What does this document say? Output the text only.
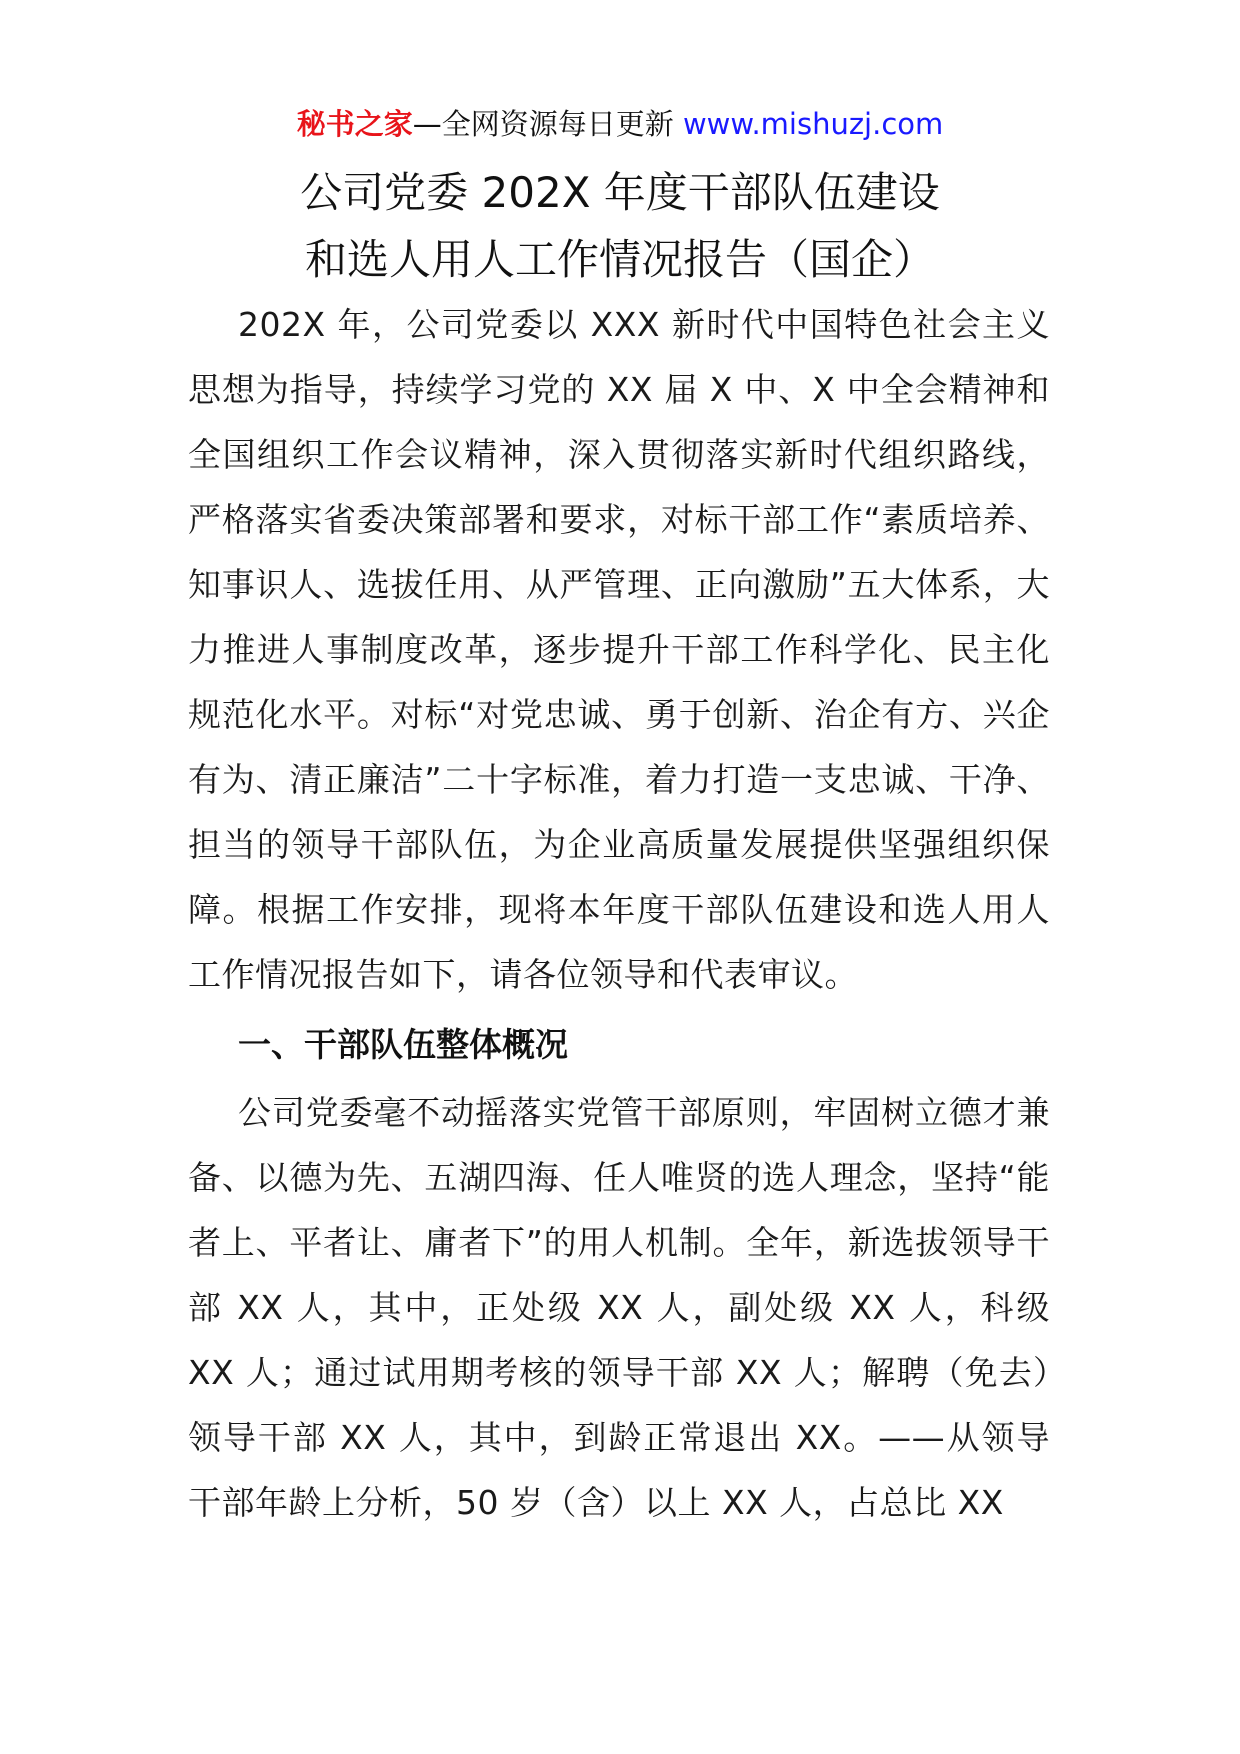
秘书之家—全网资源每日更新 www.mishuzj.com
公司党委 202X 年度干部队伍建设
和选人用人工作情况报告（国企）
202X 年，公司党委以 XXX 新时代中国特色社会主义思想为指导，持续学习党的 XX 届 X 中、X 中全会精神和全国组织工作会议精神，深入贯彻落实新时代组织路线，严格落实省委决策部署和要求，对标干部工作“素质培养、知事识人、选拔任用、从严管理、正向激励”五大体系，大力推进人事制度改革，逐步提升干部工作科学化、民主化规范化水平。对标“对党忠诚、勇于创新、治企有方、兴企有为、清正廉洁”二十字标准，着力打造一支忠诚、干净、担当的领导干部队伍，为企业高质量发展提供坚强组织保障。根据工作安排，现将本年度干部队伍建设和选人用人工作情况报告如下，请各位领导和代表审议。
一、干部队伍整体概况
公司党委毫不动摇落实党管干部原则，牢固树立德才兼备、以德为先、五湖四海、任人唯贤的选人理念，坚持“能者上、平者让、庸者下”的用人机制。全年，新选拔领导干部 XX 人，其中，正处级 XX 人，副处级 XX 人，科级 XX 人；通过试用期考核的领导干部 XX 人；解聘（免去）领导干部 XX 人，其中，到龄正常退出 XX。——从领导干部年龄上分析，50 岁（含）以上 XX 人，占总比 XX
